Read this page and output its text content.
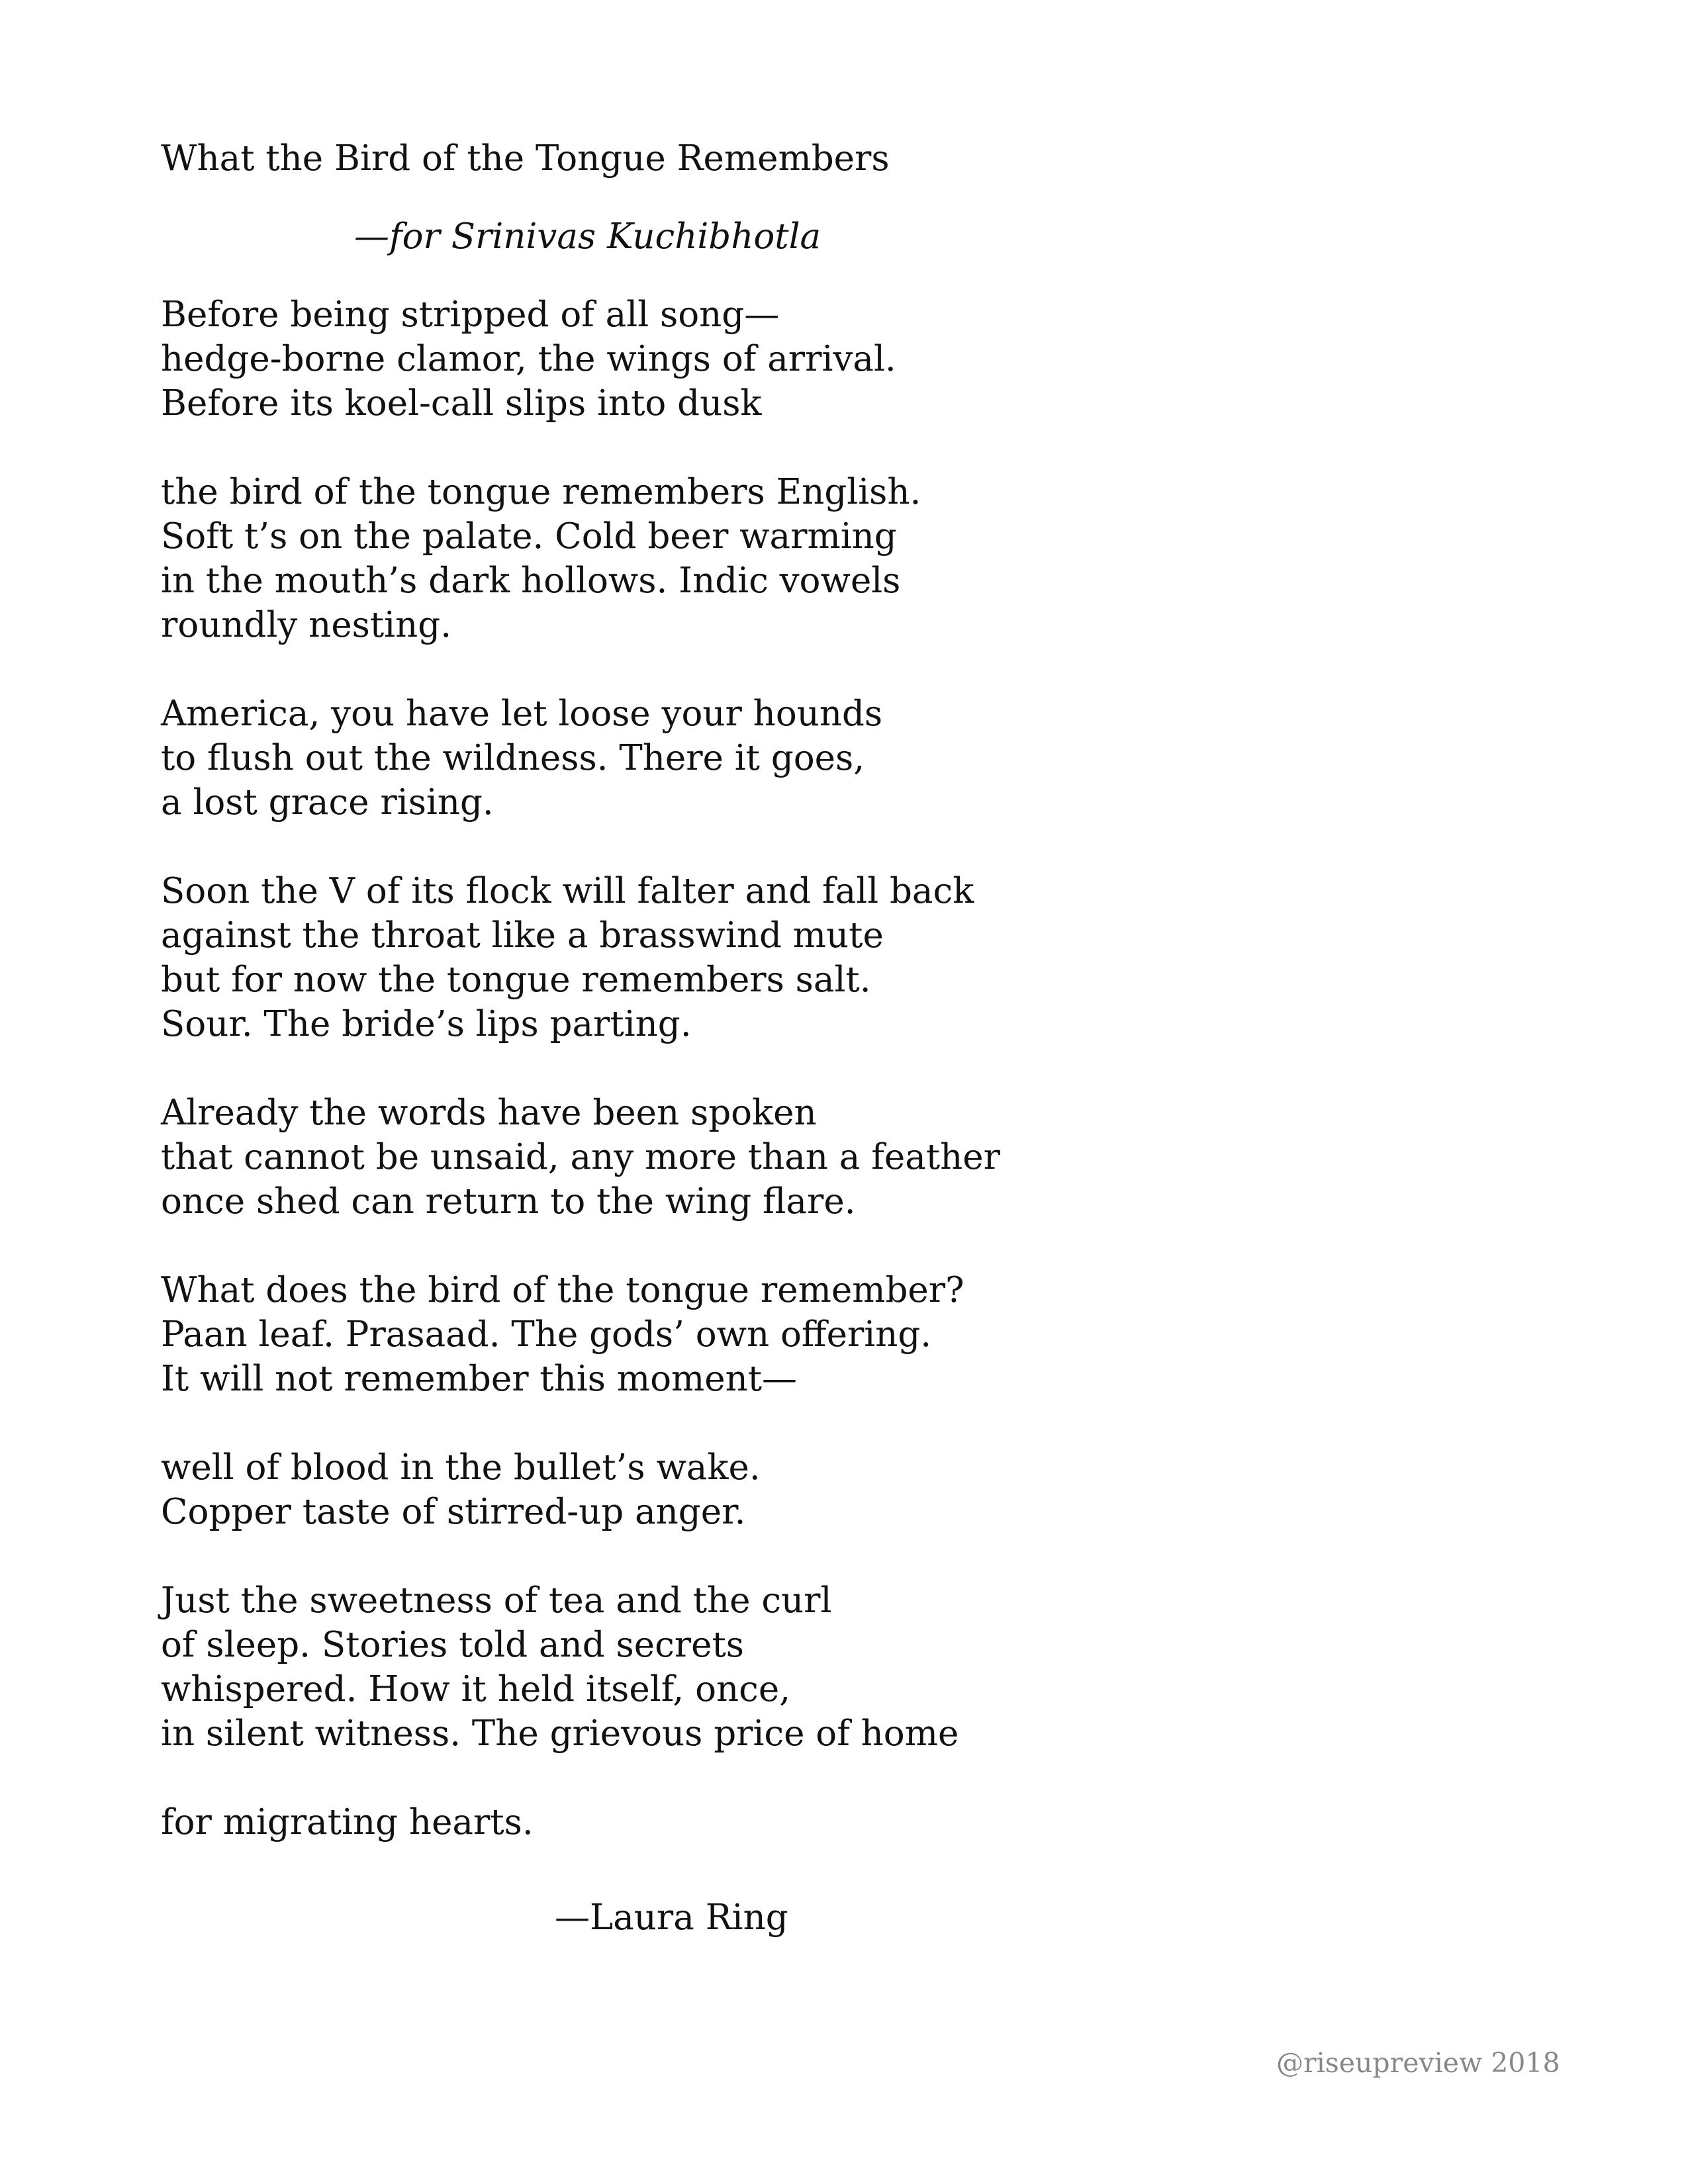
What the Bird of the Tongue Remembers
—for Srinivas Kuchibhotla
Before being stripped of all song—
hedge-borne clamor, the wings of arrival.
Before its koel-call slips into dusk
the bird of the tongue remembers English.
Soft t’s on the palate. Cold beer warming
in the mouth’s dark hollows. Indic vowels
roundly nesting.
America, you have let loose your hounds
to flush out the wildness. There it goes,
a lost grace rising.
Soon the V of its flock will falter and fall back
against the throat like a brasswind mute
but for now the tongue remembers salt.
Sour. The bride’s lips parting.
Already the words have been spoken
that cannot be unsaid, any more than a feather
once shed can return to the wing flare.
What does the bird of the tongue remember?
Paan leaf. Prasaad. The gods’ own offering.
It will not remember this moment—
well of blood in the bullet’s wake.
Copper taste of stirred-up anger.
Just the sweetness of tea and the curl
of sleep. Stories told and secrets
whispered. How it held itself, once,
in silent witness. The grievous price of home
for migrating hearts.
—Laura Ring
@riseupreview 2018
